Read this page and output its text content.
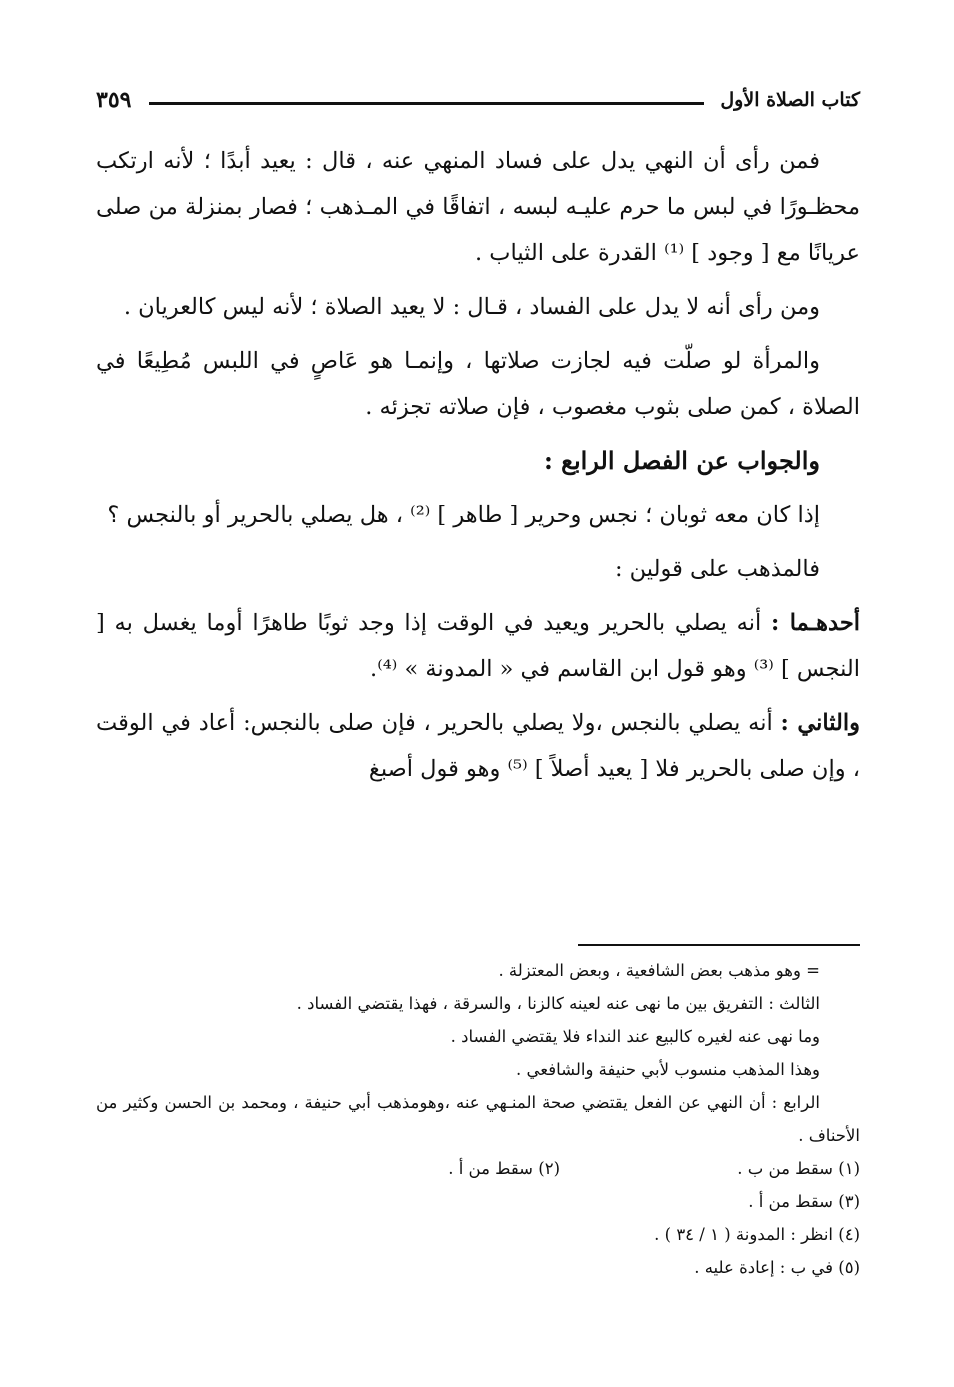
كتاب الصلاة الأول
٣٥٩

فمن رأى أن النهي يدل على فساد المنهي عنه ، قال : يعيد أبدًا ؛ لأنه ارتكب محظـورًا في لبس ما حرم عليـه لبسه ، اتفاقًا في المـذهب ؛ فصار بمنزلة من صلى عريانًا مع [ وجود ] ⁽¹⁾ القدرة على الثياب .

ومن رأى أنه لا يدل على الفساد ، قـال : لا يعيد الصلاة ؛ لأنه ليس كالعريان .

والمرأة لو صلّت فيه لجازت صلاتها ، وإنمـا هو عَاصٍ في اللبس مُطِيعًا في الصلاة ، كمن صلى بثوب مغصوب ، فإن صلاته تجزئه .

والجواب عن الفصل الرابع :

إذا كان معه ثوبان ؛ نجس وحرير [ طاهر ] ⁽²⁾ ، هل يصلي بالحرير أو بالنجس ؟

فالمذهب على قولين :

أحدهـما : أنه يصلي بالحرير ويعيد في الوقت إذا وجد ثوبًا طاهرًا أوما يغسل به [ النجس ] ⁽³⁾ وهو قول ابن القاسم في « المدونة » ⁽⁴⁾.

والثاني : أنه يصلي بالنجس ،ولا يصلي بالحرير ، فإن صلى بالنجس: أعاد في الوقت ، وإن صلى بالحرير فلا [ يعيد أصلاً ] ⁽⁵⁾ وهو قول أصبغ

= وهو مذهب بعض الشافعية ، وبعض المعتزلة .

الثالث : التفريق بين ما نهى عنه لعينه كالزنا ، والسرقة ، فهذا يقتضي الفساد .

وما نهى عنه لغيره كالبيع عند النداء فلا يقتضي الفساد .

وهذا المذهب منسوب لأبي حنيفة والشافعي .

الرابع : أن النهي عن الفعل يقتضي صحة المنـهي عنه ،وهومذهب أبي حنيفة ، ومحمد بن الحسن وكثير من الأحناف .

(١) سقط من ب .
(٢) سقط من أ .

(٣) سقط من أ .

(٤) انظر : المدونة ( ١ / ٣٤ ) .

(٥) في ب : إعادة عليه .
